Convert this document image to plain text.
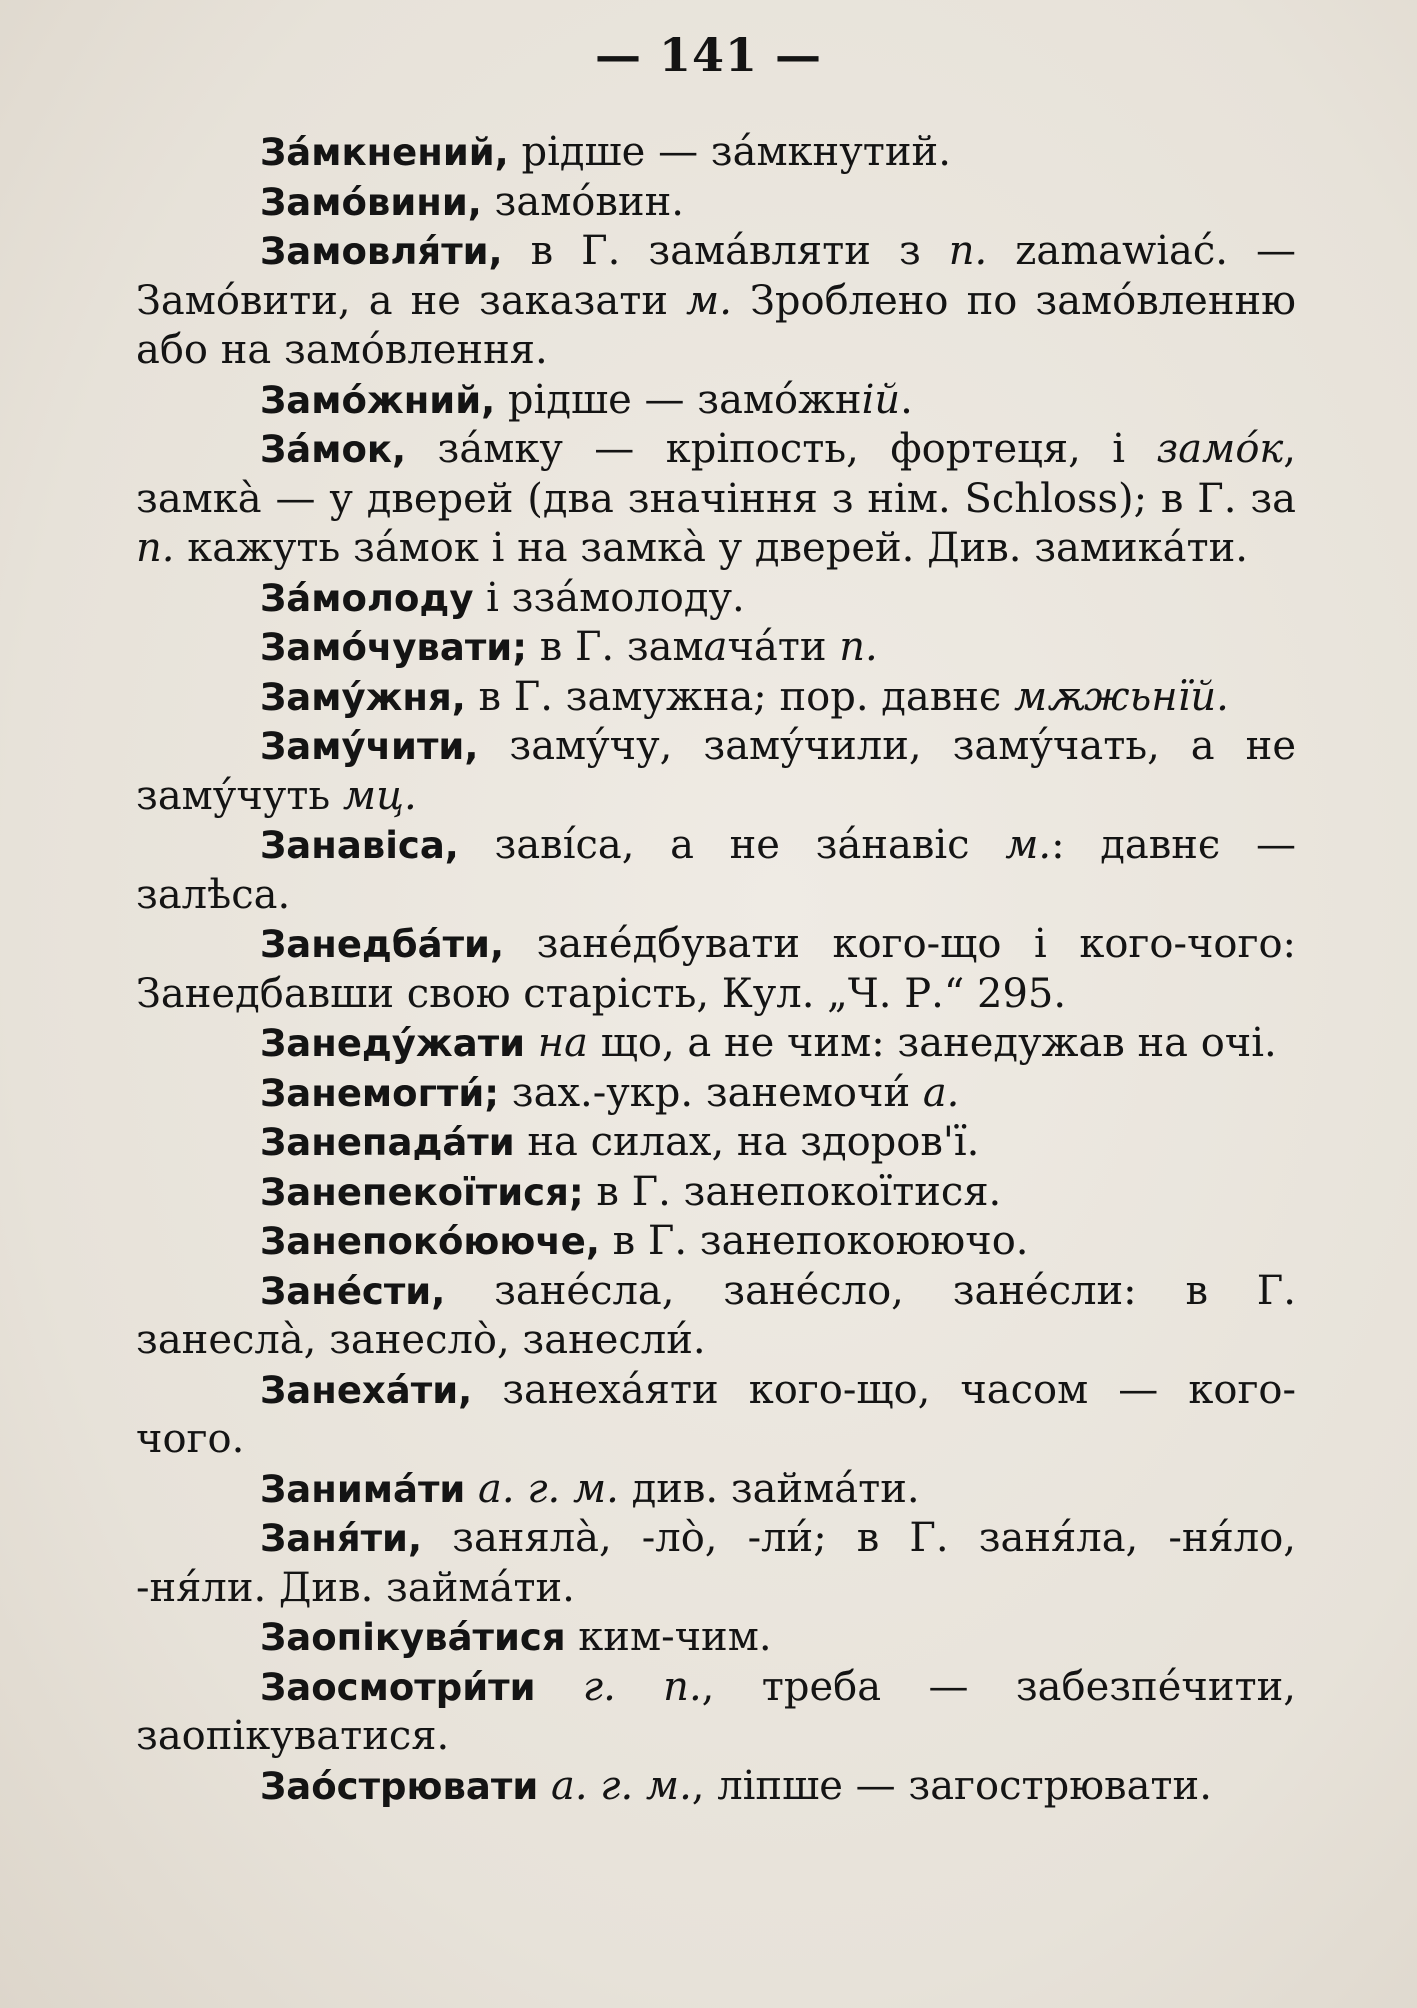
— 141 —

За́мкнений, рідше — за́мкнутий.

Замо́вини, замо́вин.

Замовля́ти, в Г. зама́вляти з п. zamawiać. — Замо́вити, а не заказати м. Зроблено по замо́вленню або на замо́влення.

Замо́жний, рідше — замо́жній.

За́мок, за́мку — кріпость, фортеця, і замо́к, замка̀ — у дверей (два значіння з нім. Schloss); в Г. за п. кажуть за́мок і на замка̀ у дверей. Див. замика́ти.

За́молоду і зза́молоду.

Замо́чувати; в Г. замача́ти п.

Заму́жня, в Г. замужна; пор. давнє мѫжьнїй.

Заму́чити, заму́чу, заму́чили, заму́чать, а не заму́чуть мц.

Занавіса, заві́са, а не за́навіс м.: давнє — залѣса.

Занедба́ти, зане́дбувати кого-що і кого-чого: Занедбавши свою старість, Кул. „Ч. Р.“ 295.

Занеду́жати на що, а не чим: занедужав на очі.

Занемогти́; зах.-укр. занемочи́ а.

Занепада́ти на силах, на здоров'ї.

Занепекоїтися; в Г. занепокоїтися.

Занепоко́ююче, в Г. занепокоюючо.

Зане́сти, зане́сла, зане́сло, зане́сли: в Г. занесла̀, занесло̀, занесли́.

Занеха́ти, занеха́яти кого-що, часом — кого-чого.

Занима́ти а. г. м. див. займа́ти.

Заня́ти, занялà, -лò, -ли́; в Г. заня́ла, -ня́ло, -ня́ли. Див. займа́ти.

Заопікува́тися ким-чим.

Заосмотри́ти г. п., треба — забезпе́чити, заопікуватися.

Зао́стрювати а. г. м., ліпше — загострювати.
